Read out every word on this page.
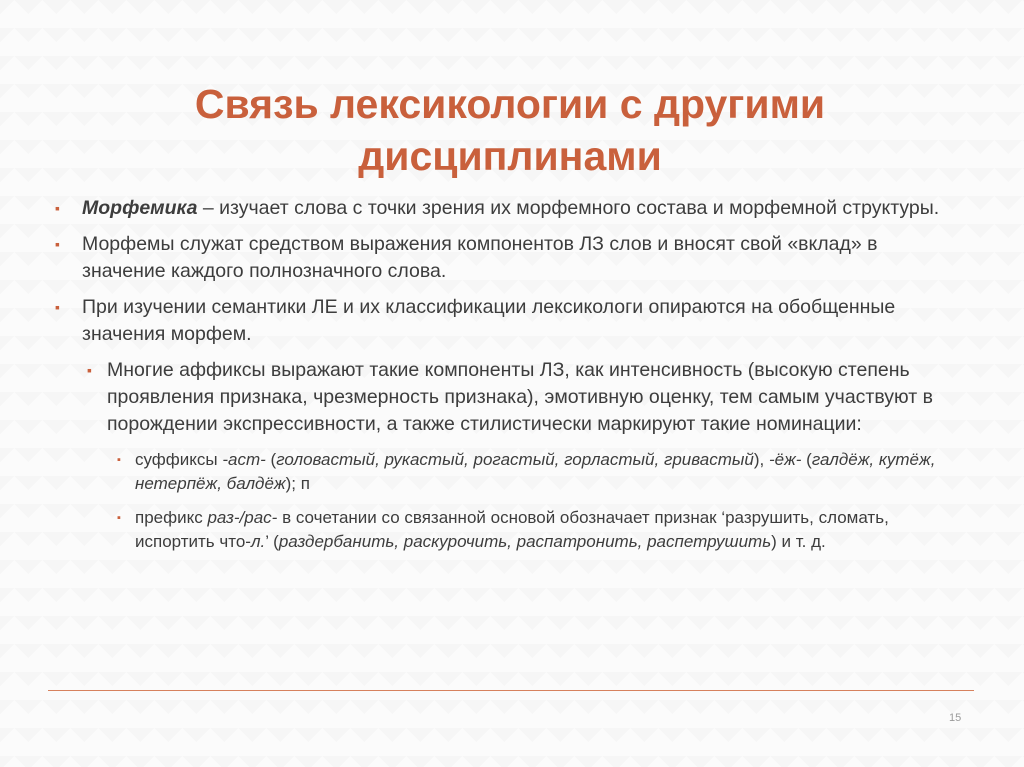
Связь лексикологии с другими дисциплинами
▪ Морфемика – изучает слова с точки зрения их морфемного состава и морфемной структуры.
▪ Морфемы служат средством выражения компонентов ЛЗ слов и вносят свой «вклад» в значение каждого полнозначного слова.
▪ При изучении семантики ЛЕ и их классификации лексикологи опираются на обобщенные значения морфем.
▪ Многие аффиксы выражают такие компоненты ЛЗ, как интенсивность (высокую степень проявления признака, чрезмерность признака), эмотивную оценку, тем самым участвуют в порождении экспрессивности, а также стилистически маркируют такие номинации:
▪ суффиксы -аст- (головастый, рукастый, рогастый, горластый, гривастый), -ёж- (галдёж, кутёж, нетерпёж, балдёж); п
▪ префикс раз-/рас- в сочетании со связанной основой обозначает признак ‘разрушить, сломать, испортить что-л.’ (раздербанить, раскурочить, распатронить, распетрушить) и т. д.
15
